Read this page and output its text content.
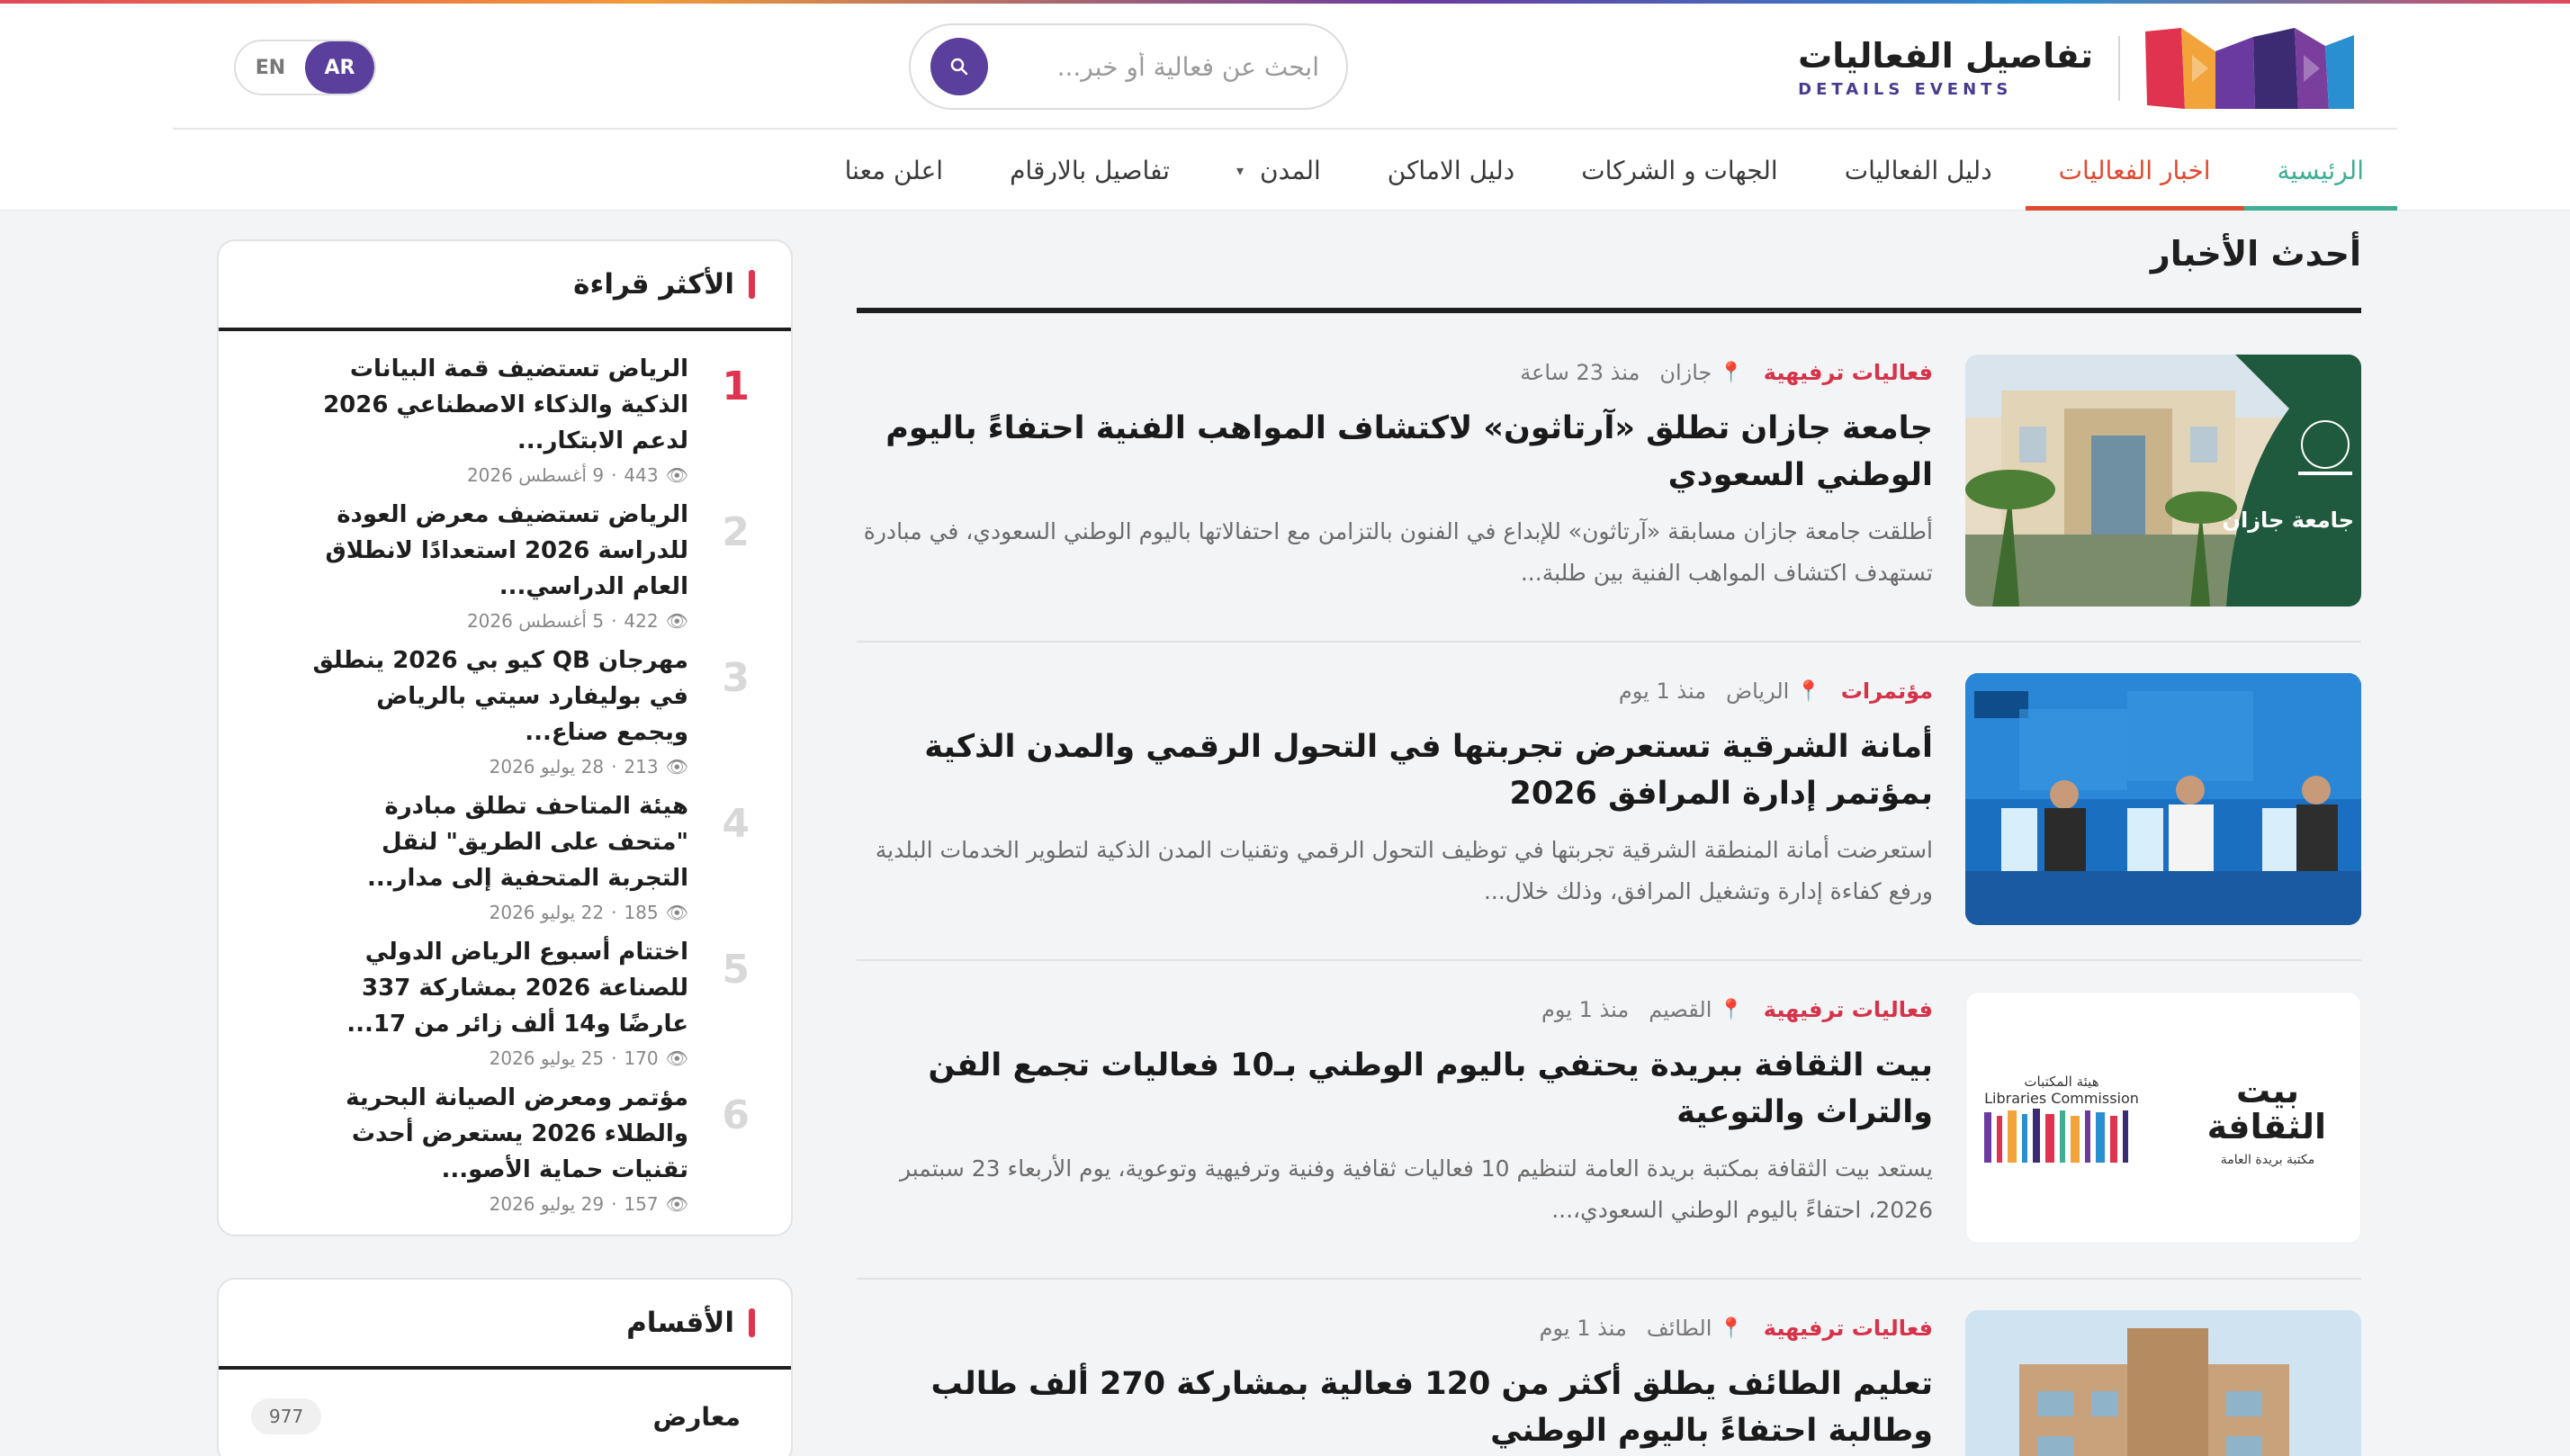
تفاصيل الفعاليات
DETAILS EVENTS
ابحث عن فعالية أو خبر...
AR
EN
الرئيسية
اخبار الفعاليات
دليل الفعاليات
الجهات و الشركات
دليل الاماكن
المدن
▾
تفاصيل بالارقام
اعلن معنا
أحدث الأخبار
جامعة جازان
فعاليات ترفيهية
📍
جازان
منذ 23 ساعة
جامعة جازان تطلق «آرتاثون» لاكتشاف المواهب الفنية احتفاءً باليوم الوطني السعودي
أطلقت جامعة جازان مسابقة «آرتاثون» للإبداع في الفنون بالتزامن مع احتفالاتها باليوم الوطني السعودي، في مبادرة تستهدف اكتشاف المواهب الفنية بين طلبة...
مؤتمرات
📍
الرياض
منذ 1 يوم
أمانة الشرقية تستعرض تجربتها في التحول الرقمي والمدن الذكية بمؤتمر إدارة المرافق 2026
استعرضت أمانة المنطقة الشرقية تجربتها في توظيف التحول الرقمي وتقنيات المدن الذكية لتطوير الخدمات البلدية ورفع كفاءة إدارة وتشغيل المرافق، وذلك خلال...
بيت الثقافة
مكتبة بريدة العامة
هيئة المكتبات
Libraries Commission
فعاليات ترفيهية
📍
القصيم
منذ 1 يوم
بيت الثقافة ببريدة يحتفي باليوم الوطني بـ10 فعاليات تجمع الفن والتراث والتوعية
يستعد بيت الثقافة بمكتبة بريدة العامة لتنظيم 10 فعاليات ثقافية وفنية وترفيهية وتوعوية، يوم الأربعاء 23 سبتمبر 2026، احتفاءً باليوم الوطني السعودي،...
فعاليات ترفيهية
📍
الطائف
منذ 1 يوم
تعليم الطائف يطلق أكثر من 120 فعالية بمشاركة 270 ألف طالب وطالبة احتفاءً باليوم الوطني
الأكثر قراءة
1
الرياض تستضيف قمة البيانات الذكية والذكاء الاصطناعي 2026 لدعم الابتكار...
👁
443
·
9 أغسطس 2026
2
الرياض تستضيف معرض العودة للدراسة 2026 استعدادًا لانطلاق العام الدراسي...
👁
422
·
5 أغسطس 2026
3
مهرجان QB كيو بي 2026 ينطلق في بوليفارد سيتي بالرياض ويجمع صناع...
👁
213
·
28 يوليو 2026
4
هيئة المتاحف تطلق مبادرة "متحف على الطريق" لنقل التجربة المتحفية إلى مدار...
👁
185
·
22 يوليو 2026
5
اختتام أسبوع الرياض الدولي للصناعة 2026 بمشاركة 337 عارضًا و14 ألف زائر من 17...
👁
170
·
25 يوليو 2026
6
مؤتمر ومعرض الصيانة البحرية والطلاء 2026 يستعرض أحدث تقنيات حماية الأصو...
👁
157
·
29 يوليو 2026
الأقسام
معارض
977
